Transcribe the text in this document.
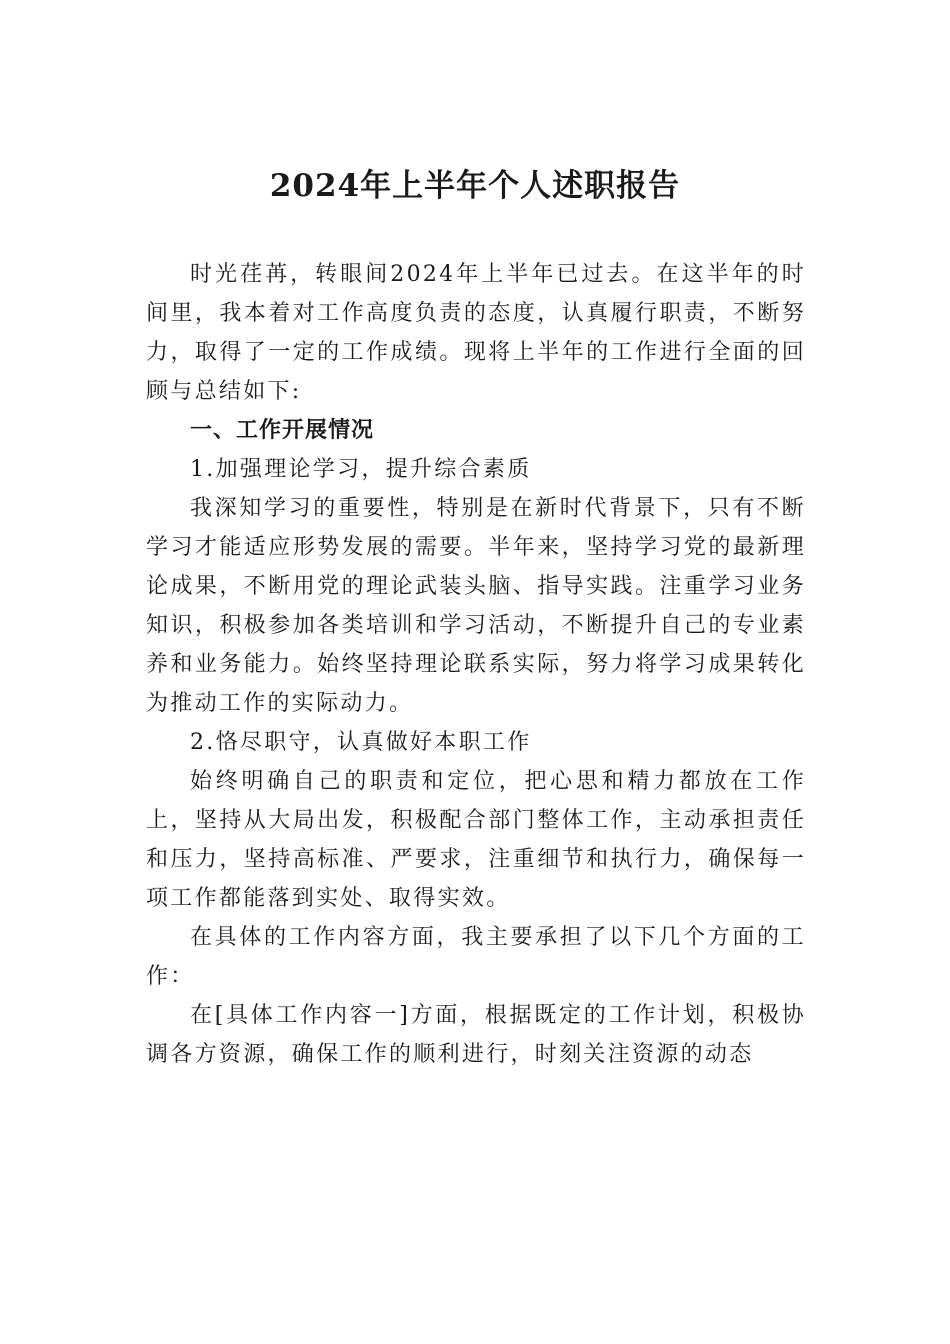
2024年上半年个人述职报告

时光荏苒，转眼间2024年上半年已过去。在这半年的时间里，我本着对工作高度负责的态度，认真履行职责，不断努力，取得了一定的工作成绩。现将上半年的工作进行全面的回顾与总结如下:

一、工作开展情况

1.加强理论学习，提升综合素质

我深知学习的重要性，特别是在新时代背景下，只有不断学习才能适应形势发展的需要。半年来，坚持学习党的最新理论成果，不断用党的理论武装头脑、指导实践。注重学习业务知识，积极参加各类培训和学习活动，不断提升自己的专业素养和业务能力。始终坚持理论联系实际，努力将学习成果转化为推动工作的实际动力。

2.恪尽职守，认真做好本职工作

始终明确自己的职责和定位，把心思和精力都放在工作上，坚持从大局出发，积极配合部门整体工作，主动承担责任和压力，坚持高标准、严要求，注重细节和执行力，确保每一项工作都能落到实处、取得实效。

在具体的工作内容方面，我主要承担了以下几个方面的工作：

在[具体工作内容一]方面，根据既定的工作计划，积极协调各方资源，确保工作的顺利进行，时刻关注资源的动态
